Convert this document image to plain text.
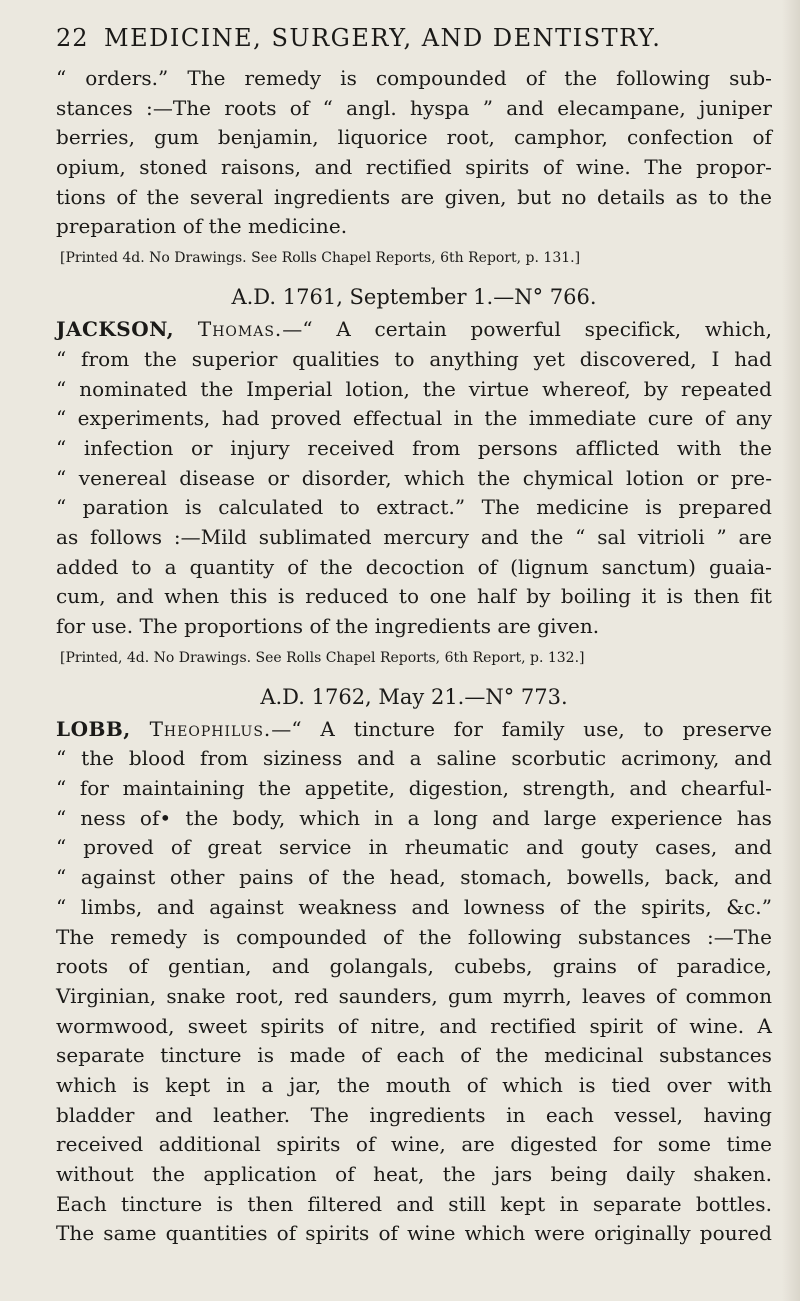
22 MEDICINE, SURGERY, AND DENTISTRY.

“ orders.” The remedy is compounded of the following sub-

stances :—The roots of “ angl. hyspa ” and elecampane, juniper

berries, gum benjamin, liquorice root, camphor, confection of

opium, stoned raisons, and rectified spirits of wine. The propor-

tions of the several ingredients are given, but no details as to the

preparation of the medicine.

[Printed 4d. No Drawings. See Rolls Chapel Reports, 6th Report, p. 131.]

A.D. 1761, September 1.—N° 766.

JACKSON, Thomas.—“ A certain powerful specifick, which,

“ from the superior qualities to anything yet discovered, I had

“ nominated the Imperial lotion, the virtue whereof, by repeated

“ experiments, had proved effectual in the immediate cure of any

“ infection or injury received from persons afflicted with the

“ venereal disease or disorder, which the chymical lotion or pre-

“ paration is calculated to extract.” The medicine is prepared

as follows :—Mild sublimated mercury and the “ sal vitrioli ” are

added to a quantity of the decoction of (lignum sanctum) guaia-

cum, and when this is reduced to one half by boiling it is then fit

for use. The proportions of the ingredients are given.

[Printed, 4d. No Drawings. See Rolls Chapel Reports, 6th Report, p. 132.]

A.D. 1762, May 21.—N° 773.

LOBB, Theophilus.—“ A tincture for family use, to preserve

“ the blood from siziness and a saline scorbutic acrimony, and

“ for maintaining the appetite, digestion, strength, and chearful-

“ ness of• the body, which in a long and large experience has

“ proved of great service in rheumatic and gouty cases, and

“ against other pains of the head, stomach, bowells, back, and

“ limbs, and against weakness and lowness of the spirits, &c.”

The remedy is compounded of the following substances :—The

roots of gentian, and golangals, cubebs, grains of paradice,

Virginian, snake root, red saunders, gum myrrh, leaves of common

wormwood, sweet spirits of nitre, and rectified spirit of wine. A

separate tincture is made of each of the medicinal substances

which is kept in a jar, the mouth of which is tied over with

bladder and leather. The ingredients in each vessel, having

received additional spirits of wine, are digested for some time

without the application of heat, the jars being daily shaken.

Each tincture is then filtered and still kept in separate bottles.

The same quantities of spirits of wine which were originally poured
